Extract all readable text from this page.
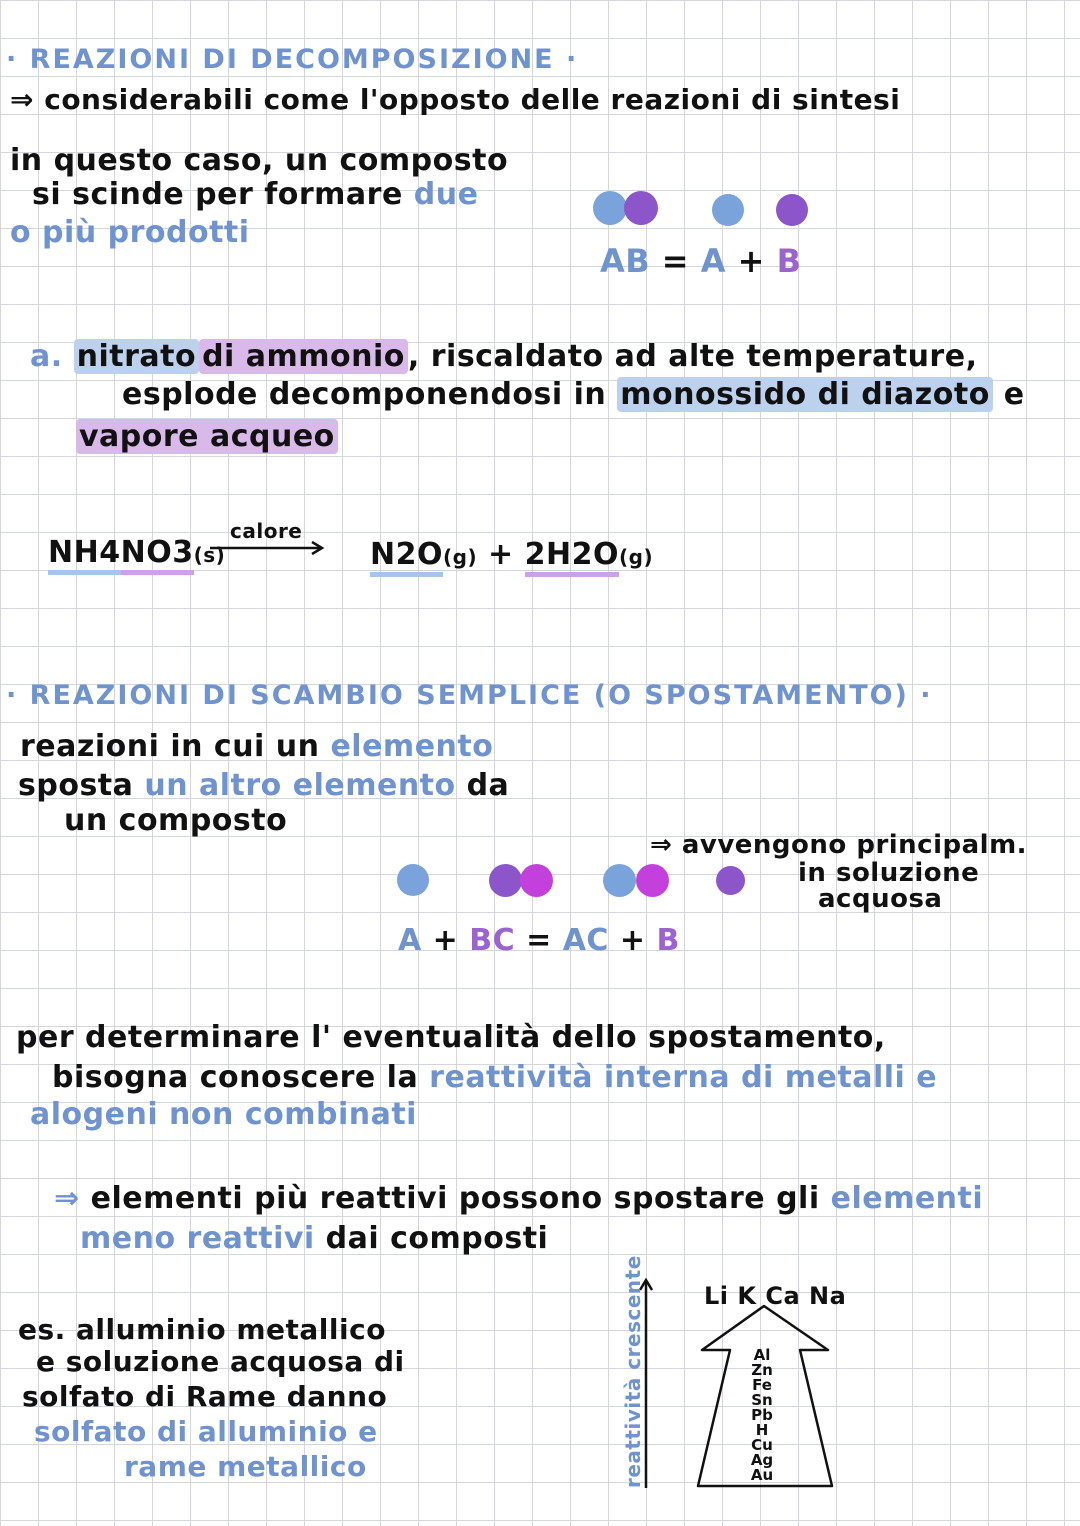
· REAZIONI DI DECOMPOSIZIONE ·
⇒ considerabili come l'opposto delle reazioni di sintesi
in questo caso, un composto
si scinde per formare due
o più prodotti
AB = A + B
a. nitrato di ammonio , riscaldato ad alte temperature,
esplode decomponendosi in monossido di diazoto e
vapore acqueo
NH4NO3(s)
calore
N2O(g) + 2H2O(g)
· REAZIONI DI SCAMBIO SEMPLICE (O SPOSTAMENTO) ·
reazioni in cui un elemento
sposta un altro elemento da
un composto
⇒ avvengono principalm.
in soluzione
acquosa
A + BC = AC + B
per determinare l' eventualità dello spostamento,
bisogna conoscere la reattività interna di metalli e
alogeni non combinati
⇒ elementi più reattivi possono spostare gli elementi
meno reattivi dai composti
es. alluminio metallico
e soluzione acquosa di
solfato di Rame danno
solfato di alluminio e
rame metallico	reattività crescente Li K Ca Na
Al
Zn
Fe
Sn
Pb
H
Cu
Ag
Au
